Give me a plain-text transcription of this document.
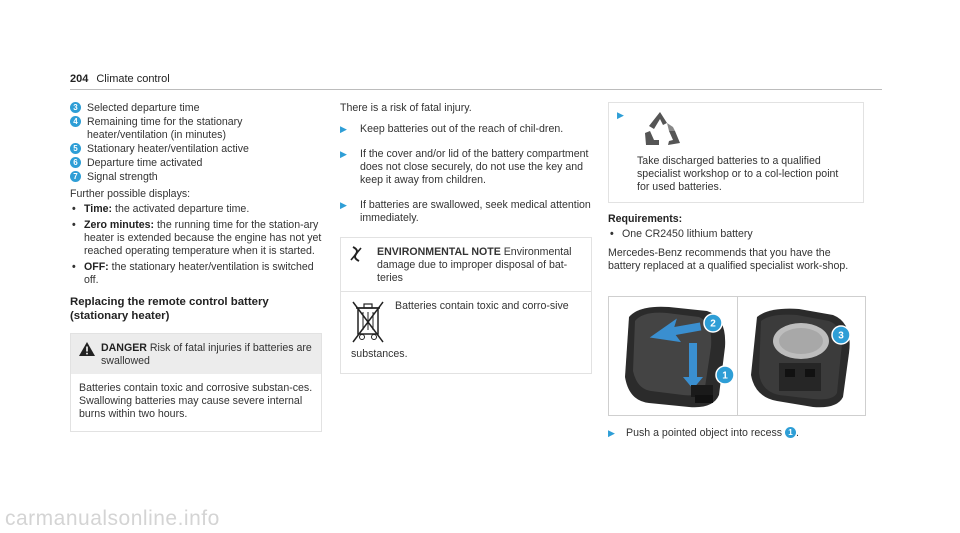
204 Climate control
3 Selected departure time
4 Remaining time for the stationary heater/ventilation (in minutes)
5 Stationary heater/ventilation active
6 Departure time activated
7 Signal strength
Further possible displays:
• Time: the activated departure time.
• Zero minutes: the running time for the station-ary heater is extended because the engine has not yet reached operating temperature when it is started.
• OFF: the stationary heater/ventilation is switched off.
Replacing the remote control battery (stationary heater)
DANGER Risk of fatal injuries if batteries are swallowed
Batteries contain toxic and corrosive substan-ces. Swallowing batteries may cause severe internal burns within two hours.
There is a risk of fatal injury.
▶	Keep batteries out of the reach of chil-dren.
▶	If the cover and/or lid of the battery compartment does not close securely, do not use the key and keep it away from children.
▶	If batteries are swallowed, seek medical attention immediately.
ENVIRONMENTAL NOTE Environmental damage due to improper disposal of bat-teries
Batteries contain toxic and corro-sive substances.
▶
Take discharged batteries to a qualified specialist workshop or to a col-lection point for used batteries.
Requirements:
• One CR2450 lithium battery
Mercedes-Benz recommends that you have the battery replaced at a qualified specialist work-shop.
1
2
3
▶	Push a pointed object into recess
1 .
carmanualsonline.info
